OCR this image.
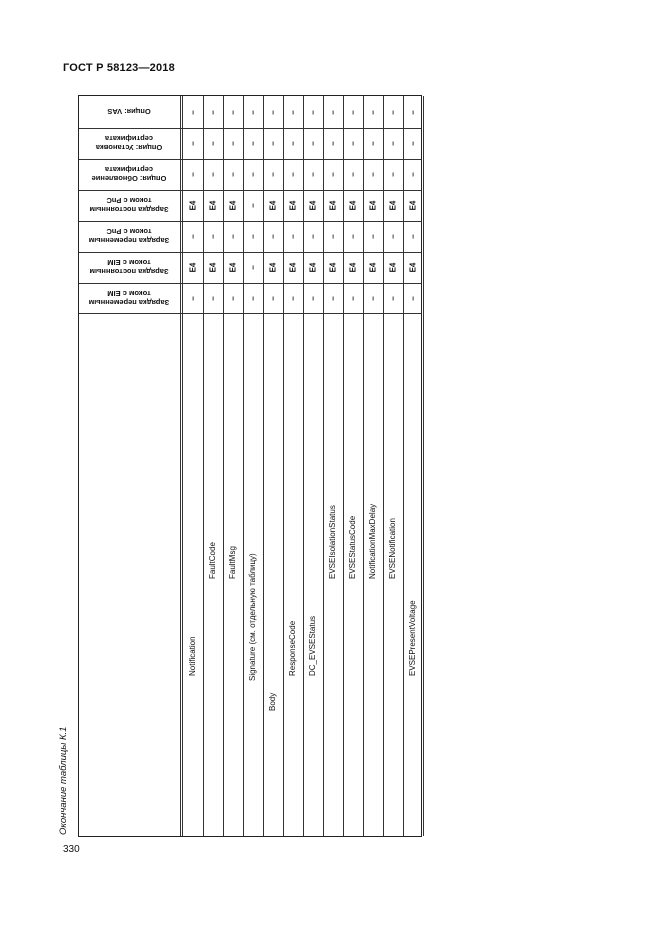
ГОСТ Р 58123—2018
Окончание таблицы К.1
330
Зарядка переменным током с EIM
Зарядка постоянным током с EIM
Зарядка переменным током с PnC
Зарядка постоянным током с PnC
Опция: Обновление сертификата
Опция: Установка сертификата
Опция: VAS
Notification
–
E4
–
E4
–
–
–
FaultCode
–
E4
–
E4
–
–
–
FaultMsg
–
E4
–
E4
–
–
–
Signature (см. отдельную таблицу)
–
–
–
–
–
–
–
Body
–
E4
–
E4
–
–
–
ResponseCode
–
E4
–
E4
–
–
–
DC_EVSEStatus
–
E4
–
E4
–
–
–
EVSEIsolationStatus
–
E4
–
E4
–
–
–
EVSEStatusCode
–
E4
–
E4
–
–
–
NotificationMaxDelay
–
E4
–
E4
–
–
–
EVSENotification
–
E4
–
E4
–
–
–
EVSEPresentVoltage
–
E4
–
E4
–
–
–
